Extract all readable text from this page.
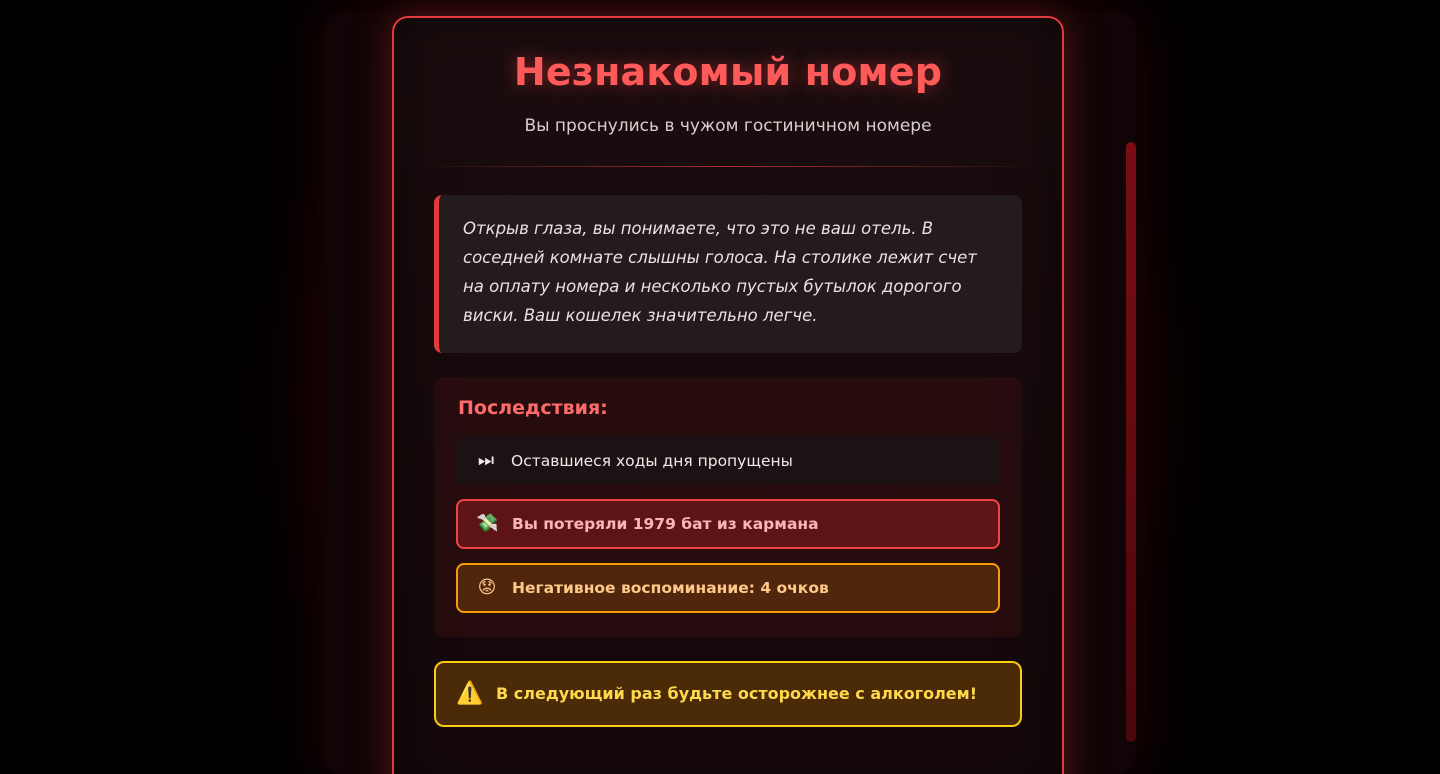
Незнакомый номер

Вы проснулись в чужом гостиничном номере

Открыв глаза, вы понимаете, что это не ваш отель. В соседней комнате слышны голоса. На столике лежит счет на оплату номера и несколько пустых бутылок дорогого виски. Ваш кошелек значительно легче.
Последствия:
⏭ Оставшиеся ходы дня пропущены
💸 Вы потеряли 1979 бат из кармана
😟 Негативное воспоминание: 4 очков
⚠️ В следующий раз будьте осторожнее с алкоголем!
